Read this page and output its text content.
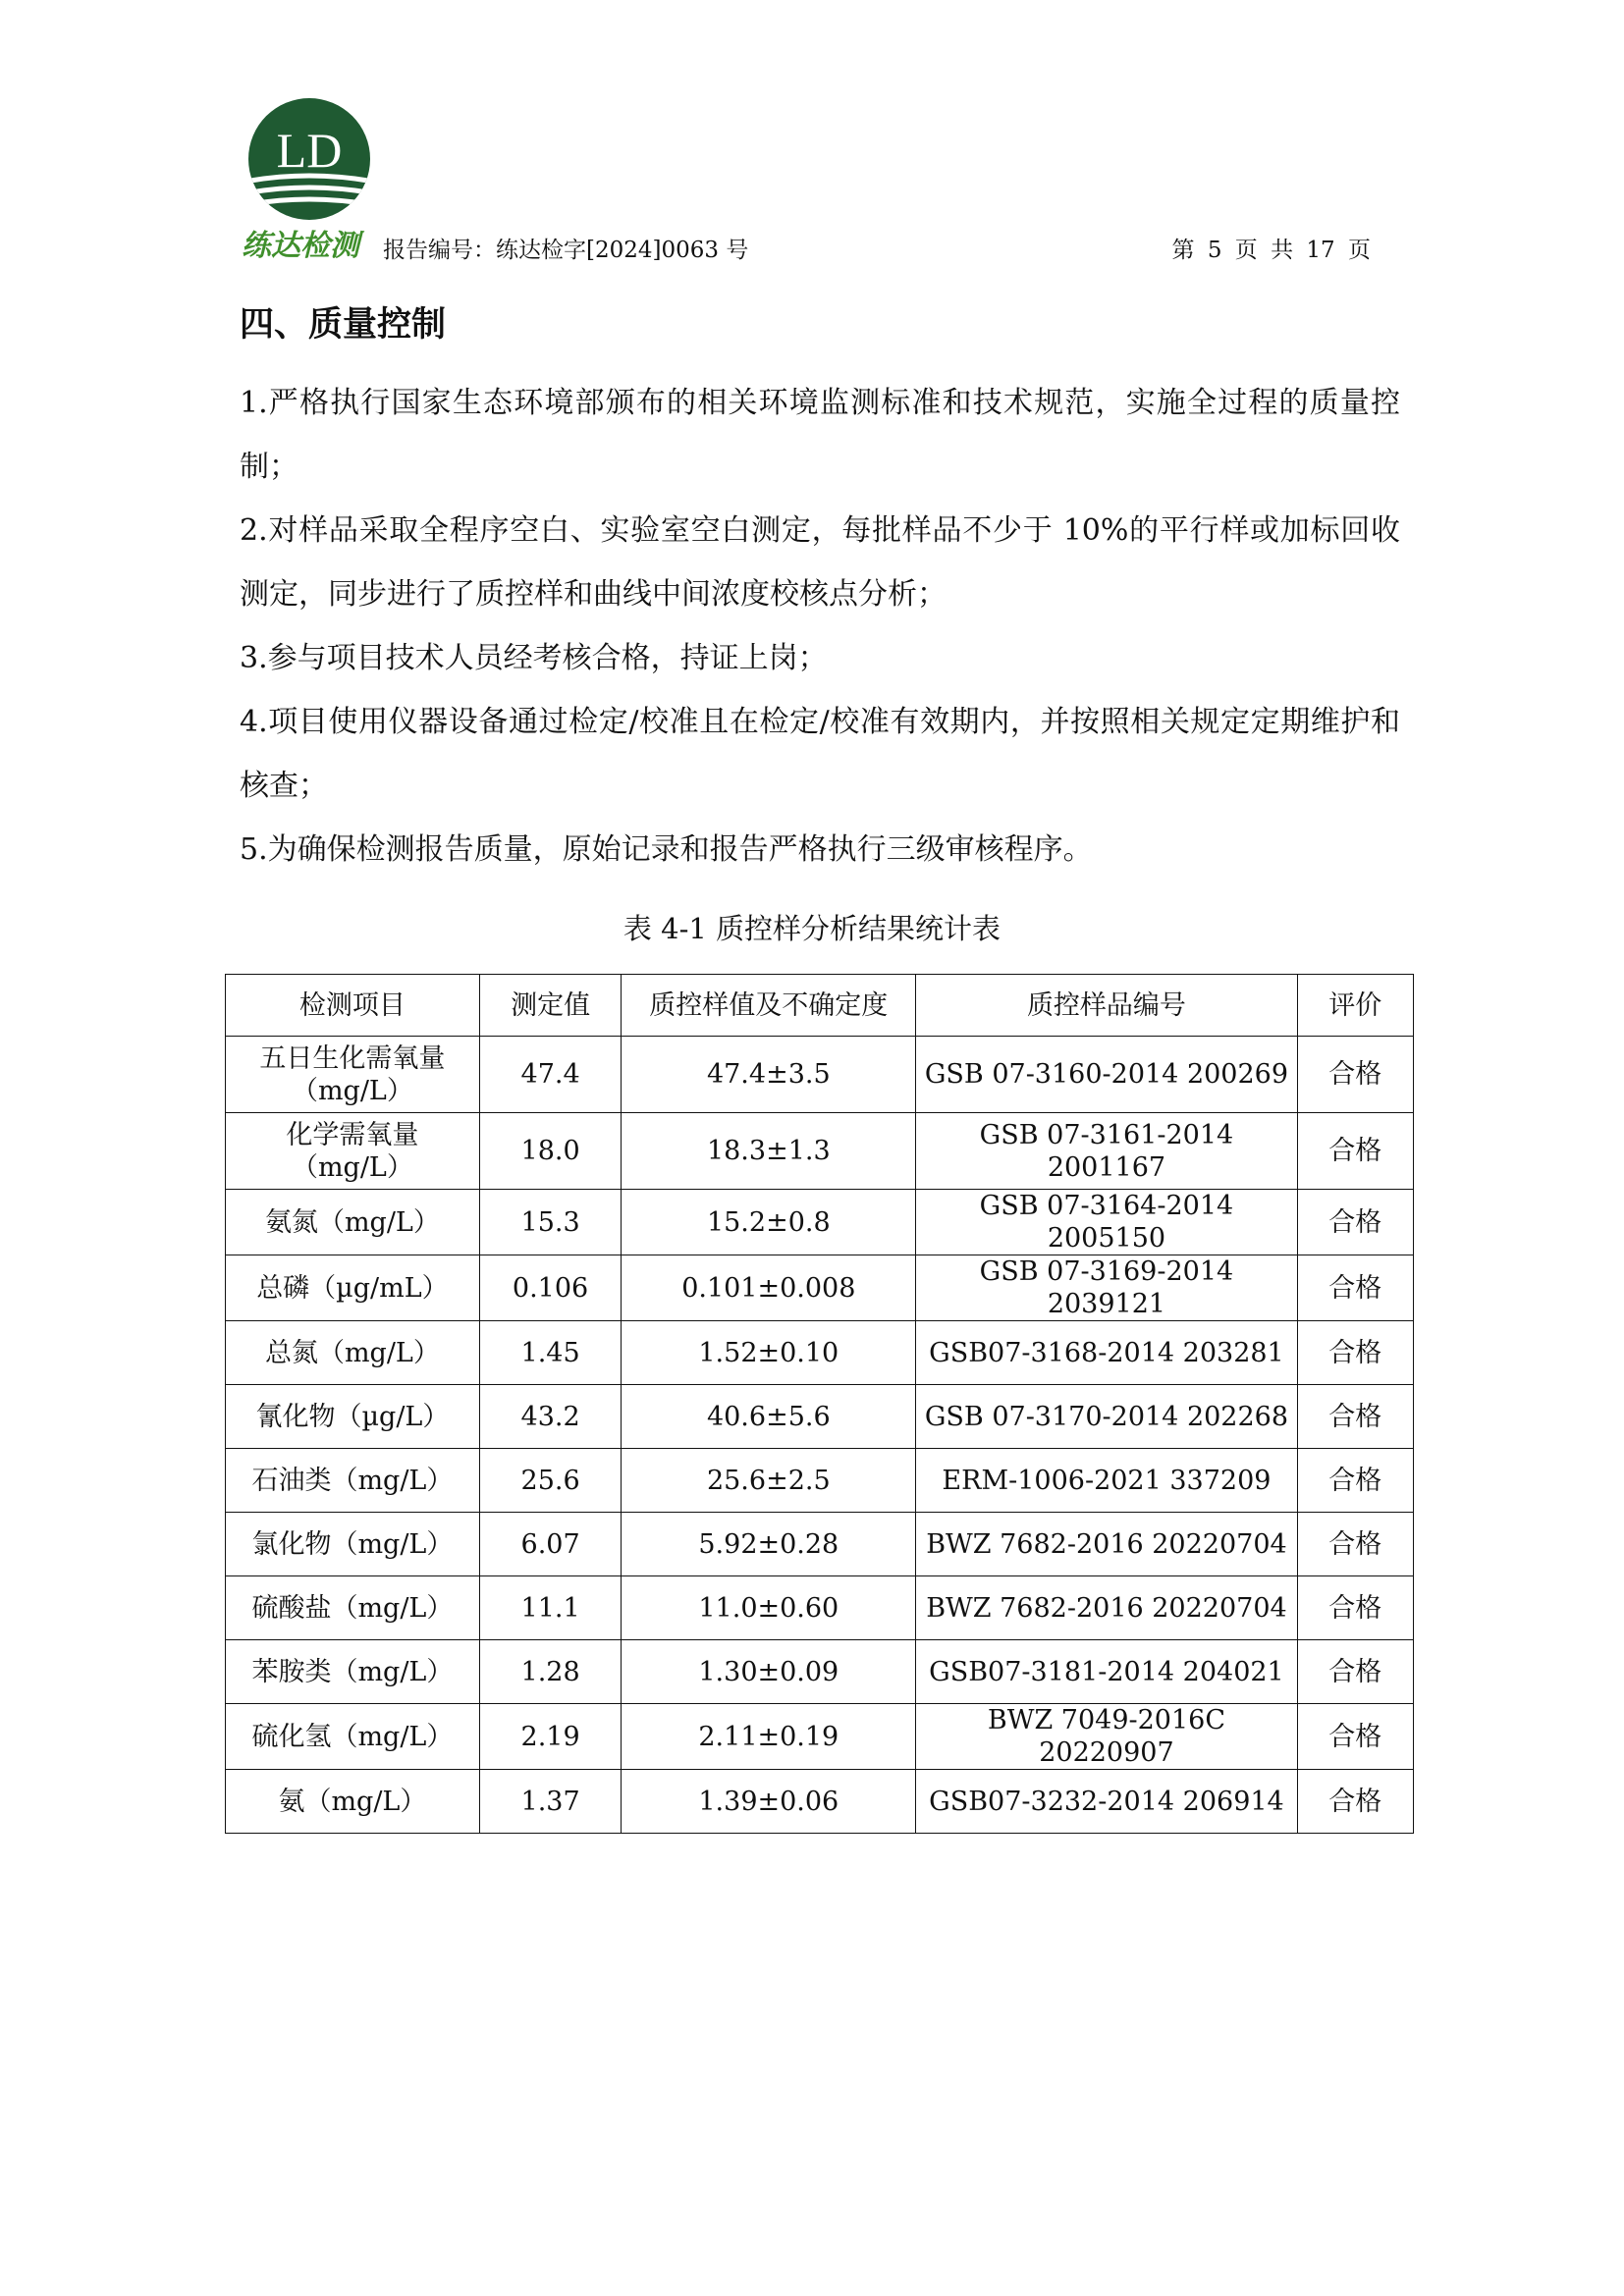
LD
练达检测 报告编号：练达检字[2024]0063 号	第 5 页 共 17 页
四、质量控制

1.严格执行国家生态环境部颁布的相关环境监测标准和技术规范，实施全过程的质量控制；

2.对样品采取全程序空白、实验室空白测定，每批样品不少于 10%的平行样或加标回收测定，同步进行了质控样和曲线中间浓度校核点分析；

3.参与项目技术人员经考核合格，持证上岗；

4.项目使用仪器设备通过检定/校准且在检定/校准有效期内，并按照相关规定定期维护和核查；

5.为确保检测报告质量，原始记录和报告严格执行三级审核程序。

表 4-1 质控样分析结果统计表
检测项目	测定值	质控样值及不确定度	质控样品编号	评价
五日生化需氧量
（mg/L）	47.4	47.4±3.5	GSB 07-3160-2014 200269	合格
化学需氧量
（mg/L）	18.0	18.3±1.3	GSB 07-3161-2014 2001167	合格
氨氮（mg/L）	15.3	15.2±0.8	GSB 07-3164-2014 2005150	合格
总磷（µg/mL）	0.106	0.101±0.008	GSB 07-3169-2014 2039121	合格
总氮（mg/L）	1.45	1.52±0.10	GSB07-3168-2014 203281	合格
氰化物（µg/L）	43.2	40.6±5.6	GSB 07-3170-2014 202268	合格
石油类（mg/L）	25.6	25.6±2.5	ERM-1006-2021 337209	合格
氯化物（mg/L）	6.07	5.92±0.28	BWZ 7682-2016 20220704	合格
硫酸盐（mg/L）	11.1	11.0±0.60	BWZ 7682-2016 20220704	合格
苯胺类（mg/L）	1.28	1.30±0.09	GSB07-3181-2014 204021	合格
硫化氢（mg/L）	2.19	2.11±0.19	BWZ 7049-2016C 20220907	合格
氨（mg/L）	1.37	1.39±0.06	GSB07-3232-2014 206914	合格
